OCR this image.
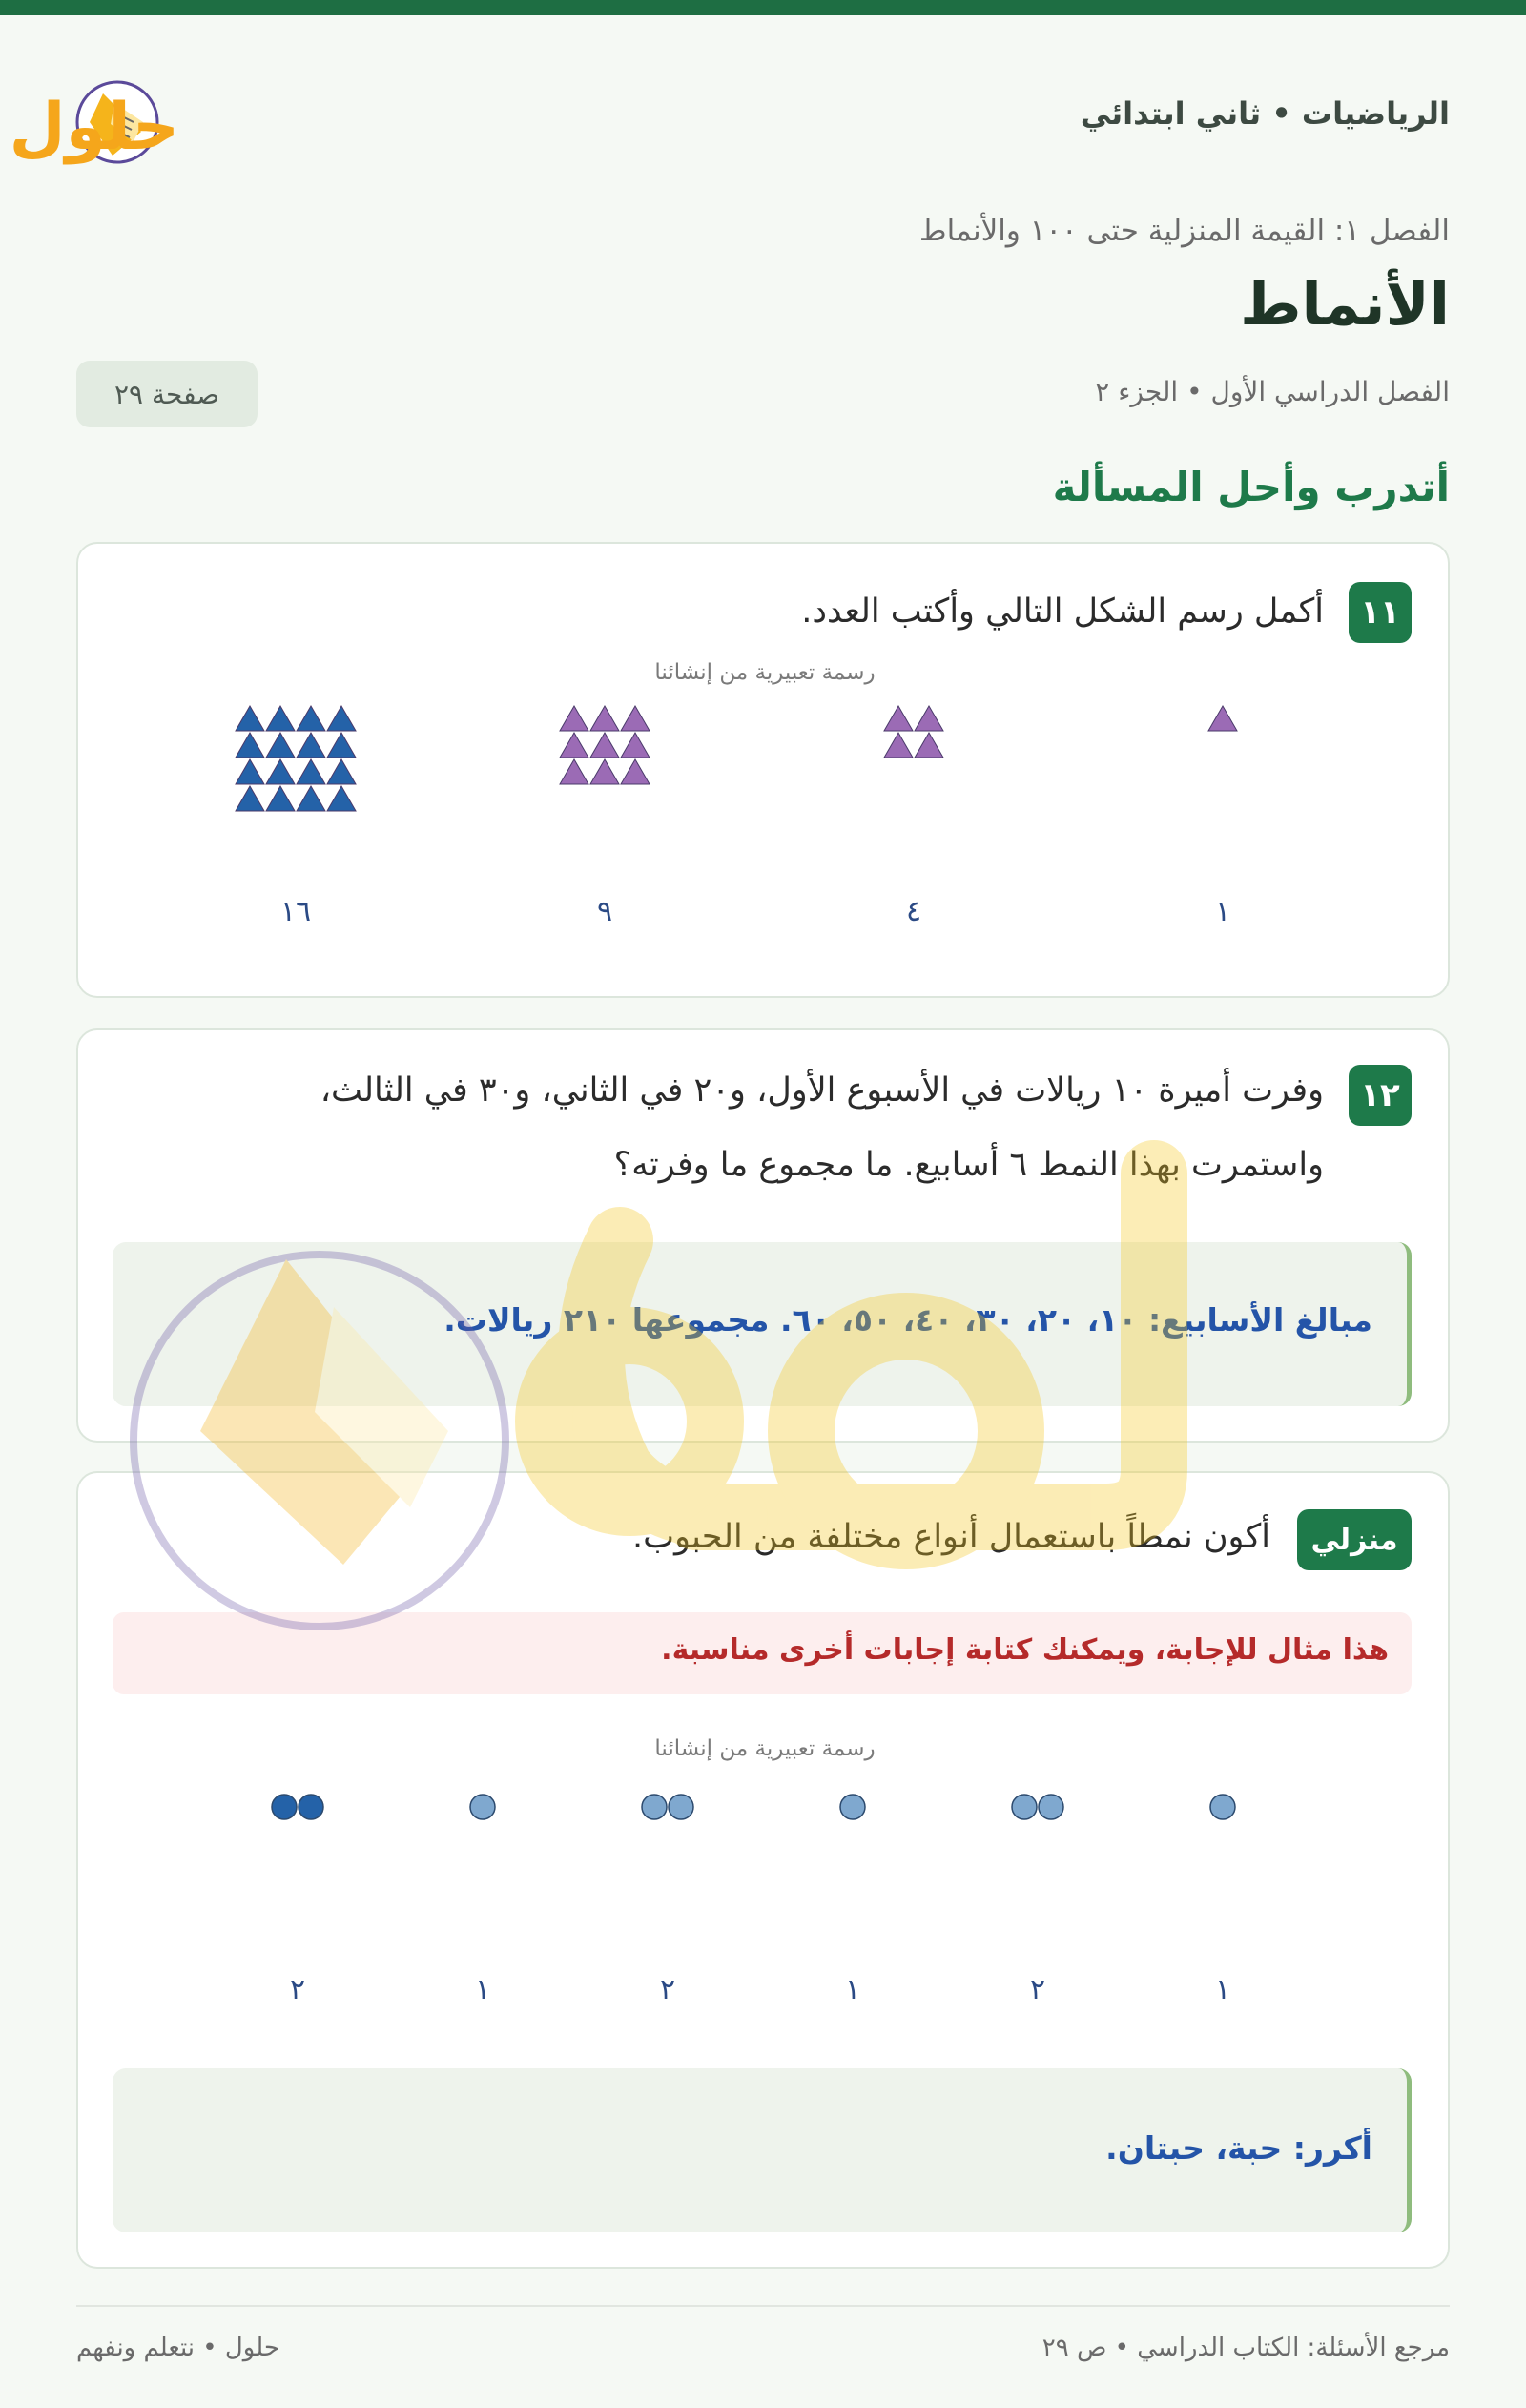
الرياضيات • ثاني ابتدائي
حلول
الفصل ١: القيمة المنزلية حتى ١٠٠ والأنماط
الأنماط
الفصل الدراسي الأول • الجزء ٢
صفحة ٢٩
أتدرب وأحل المسألة
١١
أكمل رسم الشكل التالي وأكتب العدد.
رسمة تعبيرية من إنشائنا
١
٤
٩
١٦
١٢
وفرت أميرة ١٠ ريالات في الأسبوع الأول، و٢٠ في الثاني، و٣٠ في الثالث،
واستمرت بهذا النمط ٦ أسابيع. ما مجموع ما وفرته؟
مبالغ الأسابيع: ١٠، ٢٠، ٣٠، ٤٠، ٥٠، ٦٠. مجموعها ٢١٠ ريالات.
منزلي
أكون نمطاً باستعمال أنواع مختلفة من الحبوب.
هذا مثال للإجابة، ويمكنك كتابة إجابات أخرى مناسبة.
رسمة تعبيرية من إنشائنا
١
٢
١
٢
١
٢
أكرر: حبة، حبتان.
مرجع الأسئلة: الكتاب الدراسي • ص ٢٩
حلول • نتعلم ونفهم
